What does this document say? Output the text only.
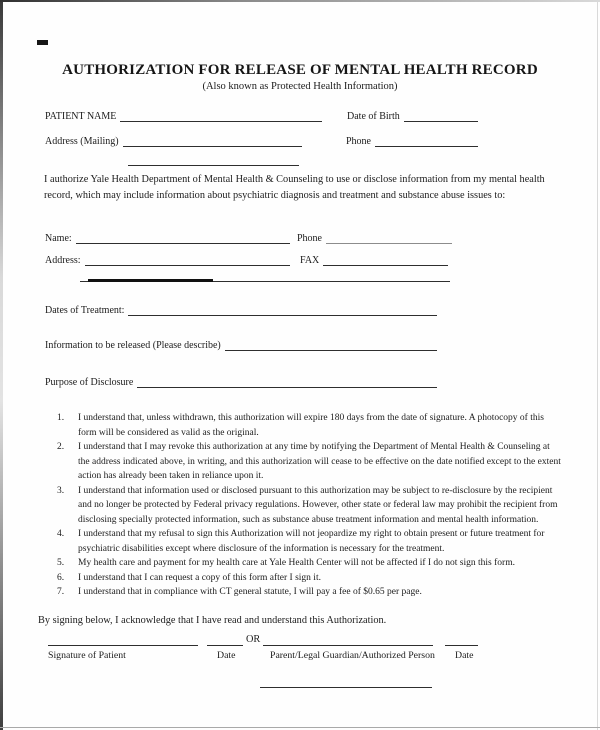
AUTHORIZATION FOR RELEASE OF MENTAL HEALTH RECORD
(Also known as Protected Health Information)
PATIENT NAME	Date of Birth
Address (Mailing)	Phone
I authorize Yale Health Department of Mental Health & Counseling to use or disclose information from my mental health record, which may include information about psychiatric diagnosis and treatment and substance abuse issues to:
Name:	Phone
Address:	FAX
Dates of Treatment:
Information to be released (Please describe)
Purpose of Disclosure
1.	I understand that, unless withdrawn, this authorization will expire 180 days from the date of signature. A photocopy of this form will be considered as valid as the original.
2.	I understand that I may revoke this authorization at any time by notifying the Department of Mental Health & Counseling at the address indicated above, in writing, and this authorization will cease to be effective on the date notified except to the extent action has already been taken in reliance upon it.
3.	I understand that information used or disclosed pursuant to this authorization may be subject to re-disclosure by the recipient and no longer be protected by Federal privacy regulations. However, other state or federal law may prohibit the recipient from disclosing specially protected information, such as substance abuse treatment information and mental health information.
4.	I understand that my refusal to sign this Authorization will not jeopardize my right to obtain present or future treatment for psychiatric disabilities except where disclosure of the information is necessary for the treatment.
5.	My health care and payment for my health care at Yale Health Center will not be affected if I do not sign this form.
6.	I understand that I can request a copy of this form after I sign it.
7.	I understand that in compliance with CT general statute, I will pay a fee of $0.65 per page.
By signing below, I acknowledge that I have read and understand this Authorization.
OR
Signature of Patient	Date	Parent/Legal Guardian/Authorized Person Date
